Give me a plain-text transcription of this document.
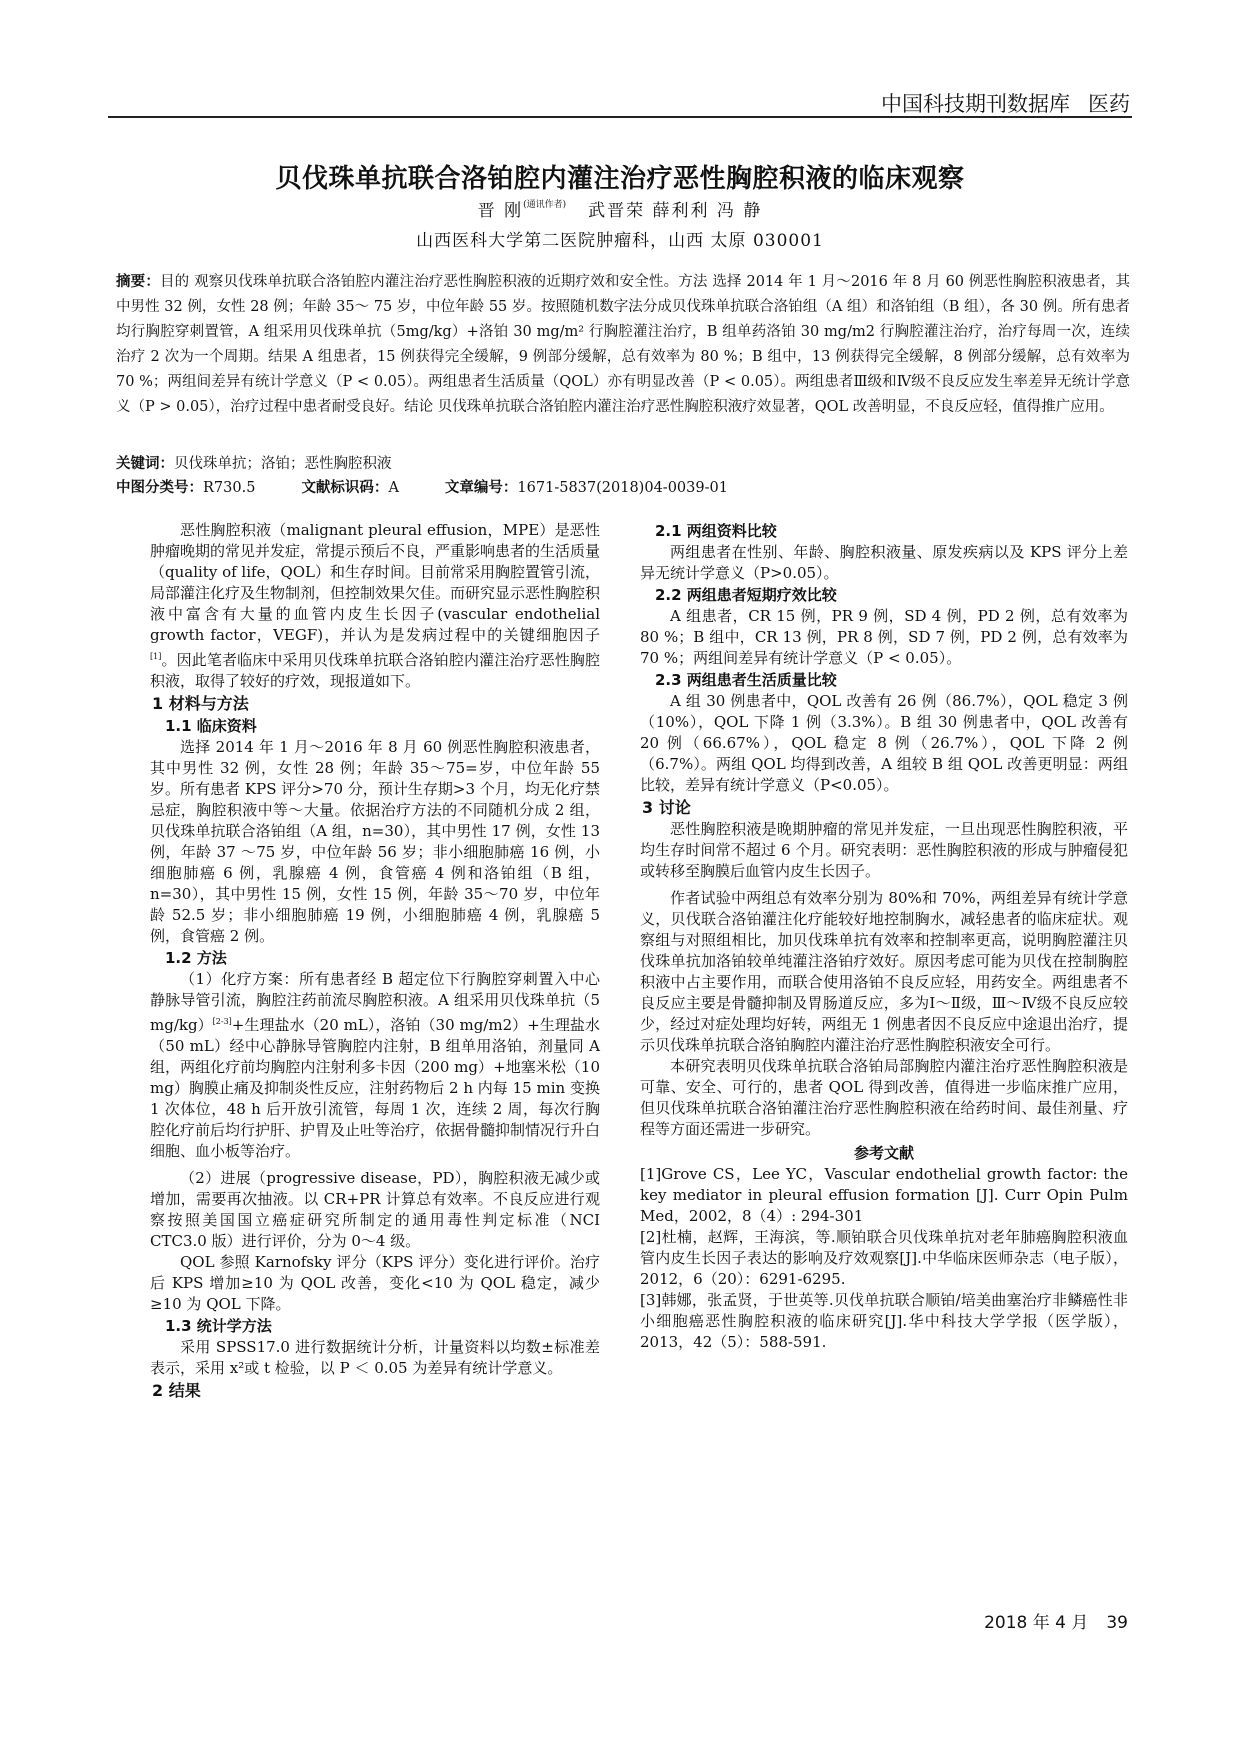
中国科技期刊数据库 医药
贝伐珠单抗联合洛铂腔内灌注治疗恶性胸腔积液的临床观察
晋 刚$^{(通讯作者)}$ 武晋荣 薛利利 冯 静
山西医科大学第二医院肿瘤科，山西 太原 030001
摘要：目的 观察贝伐珠单抗联合洛铂腔内灌注治疗恶性胸腔积液的近期疗效和安全性。方法 选择 2014 年 1 月～2016 年 8 月 60 例恶性胸腔积液患者，其中男性 32 例，女性 28 例；年龄 35～ 75 岁，中位年龄 55 岁。按照随机数字法分成贝伐珠单抗联合洛铂组（A 组）和洛铂组（B 组），各 30 例。所有患者均行胸腔穿刺置管，A 组采用贝伐珠单抗（5mg/kg）+洛铂 30 mg/m² 行胸腔灌注治疗，B 组单药洛铂 30 mg/m2 行胸腔灌注治疗，治疗每周一次，连续治疗 2 次为一个周期。结果 A 组患者，15 例获得完全缓解，9 例部分缓解，总有效率为 80 %；B 组中，13 例获得完全缓解，8 例部分缓解，总有效率为 70 %；两组间差异有统计学意义（P < 0.05）。两组患者生活质量（QOL）亦有明显改善（P < 0.05）。两组患者Ⅲ级和Ⅳ级不良反应发生率差异无统计学意义（P > 0.05），治疗过程中患者耐受良好。结论 贝伐珠单抗联合洛铂腔内灌注治疗恶性胸腔积液疗效显著，QOL 改善明显，不良反应轻，值得推广应用。
关键词：贝伐珠单抗；洛铂；恶性胸腔积液
中图分类号：R730.5	文献标识码：A	文章编号：1671-5837(2018)04-0039-01

恶性胸腔积液（malignant pleural effusion，MPE）是恶性肿瘤晚期的常见并发症，常提示预后不良，严重影响患者的生活质量（quality of life，QOL）和生存时间。目前常采用胸腔置管引流，局部灌注化疗及生物制剂，但控制效果欠佳。而研究显示恶性胸腔积液中富含有大量的血管内皮生长因子(vascular endothelial growth factor，VEGF)，并认为是发病过程中的关键细胞因子[1]。因此笔者临床中采用贝伐珠单抗联合洛铂腔内灌注治疗恶性胸腔积液，取得了较好的疗效，现报道如下。

1 材料与方法
1.1 临床资料

选择 2014 年 1 月～2016 年 8 月 60 例恶性胸腔积液患者，其中男性 32 例，女性 28 例；年龄 35～75=岁，中位年龄 55 岁。所有患者 KPS 评分>70 分，预计生存期>3 个月，均无化疗禁忌症，胸腔积液中等～大量。依据治疗方法的不同随机分成 2 组，贝伐珠单抗联合洛铂组（A 组，n=30），其中男性 17 例，女性 13 例，年龄 37 ～75 岁，中位年龄 56 岁；非小细胞肺癌 16 例，小细胞肺癌 6 例，乳腺癌 4 例，食管癌 4 例和洛铂组（B 组，n=30），其中男性 15 例，女性 15 例，年龄 35～70 岁，中位年龄 52.5 岁；非小细胞肺癌 19 例，小细胞肺癌 4 例，乳腺癌 5 例，食管癌 2 例。

1.2 方法

（1）化疗方案：所有患者经 B 超定位下行胸腔穿刺置入中心静脉导管引流，胸腔注药前流尽胸腔积液。A 组采用贝伐珠单抗（5 mg/kg）[2-3]+生理盐水（20 mL），洛铂（30 mg/m2）+生理盐水（50 mL）经中心静脉导管胸腔内注射，B 组单用洛铂，剂量同 A 组，两组化疗前均胸腔内注射利多卡因（200 mg）+地塞米松（10 mg）胸膜止痛及抑制炎性反应，注射药物后 2 h 内每 15 min 变换 1 次体位，48 h 后开放引流管，每周 1 次，连续 2 周，每次行胸腔化疗前后均行护肝、护胃及止吐等治疗，依据骨髓抑制情况行升白细胞、血小板等治疗。

（2）进展（progressive disease，PD），胸腔积液无减少或增加，需要再次抽液。以 CR+PR 计算总有效率。不良反应进行观察按照美国国立癌症研究所制定的通用毒性判定标准（NCI CTC3.0 版）进行评价，分为 0～4 级。

QOL 参照 Karnofsky 评分（KPS 评分）变化进行评价。治疗后 KPS 增加≥10 为 QOL 改善，变化<10 为 QOL 稳定，减少≥10 为 QOL 下降。

1.3 统计学方法

采用 SPSS17.0 进行数据统计分析，计量资料以均数±标准差表示，采用 x²或 t 检验，以 P ＜ 0.05 为差异有统计学意义。

2 结果
2.1 两组资料比较

两组患者在性别、年龄、胸腔积液量、原发疾病以及 KPS 评分上差异无统计学意义（P>0.05）。

2.2 两组患者短期疗效比较

A 组患者，CR 15 例，PR 9 例，SD 4 例，PD 2 例，总有效率为 80 %；B 组中，CR 13 例，PR 8 例，SD 7 例，PD 2 例，总有效率为 70 %；两组间差异有统计学意义（P < 0.05）。

2.3 两组患者生活质量比较

A 组 30 例患者中，QOL 改善有 26 例（86.7%），QOL 稳定 3 例（10%），QOL 下降 1 例（3.3%）。B 组 30 例患者中，QOL 改善有 20 例（66.67%），QOL 稳定 8 例（26.7%），QOL 下降 2 例（6.7%）。两组 QOL 均得到改善，A 组较 B 组 QOL 改善更明显：两组比较，差异有统计学意义（P<0.05）。

3 讨论

恶性胸腔积液是晚期肿瘤的常见并发症，一旦出现恶性胸腔积液，平均生存时间常不超过 6 个月。研究表明：恶性胸腔积液的形成与肿瘤侵犯或转移至胸膜后血管内皮生长因子。

作者试验中两组总有效率分别为 80%和 70%，两组差异有统计学意义，贝伐联合洛铂灌注化疗能较好地控制胸水，减轻患者的临床症状。观察组与对照组相比，加贝伐珠单抗有效率和控制率更高，说明胸腔灌注贝伐珠单抗加洛铂较单纯灌注洛铂疗效好。原因考虑可能为贝伐在控制胸腔积液中占主要作用，而联合使用洛铂不良反应轻，用药安全。两组患者不良反应主要是骨髓抑制及胃肠道反应，多为Ⅰ～Ⅱ级，Ⅲ～Ⅳ级不良反应较少，经过对症处理均好转，两组无 1 例患者因不良反应中途退出治疗，提示贝伐珠单抗联合洛铂胸腔内灌注治疗恶性胸腔积液安全可行。

本研究表明贝伐珠单抗联合洛铂局部胸腔内灌注治疗恶性胸腔积液是可靠、安全、可行的，患者 QOL 得到改善，值得进一步临床推广应用，但贝伐珠单抗联合洛铂灌注治疗恶性胸腔积液在给药时间、最佳剂量、疗程等方面还需进一步研究。

参考文献

[1]Grove CS，Lee YC，Vascular endothelial growth factor: the key mediator in pleural effusion formation [J]. Curr Opin Pulm Med，2002，8（4）: 294-301

[2]杜楠，赵辉，王海滨，等.顺铂联合贝伐珠单抗对老年肺癌胸腔积液血管内皮生长因子表达的影响及疗效观察[J].中华临床医师杂志（电子版），2012，6（20）：6291-6295.

[3]韩娜，张孟贤，于世英等.贝伐单抗联合顺铂/培美曲塞治疗非鳞癌性非小细胞癌恶性胸腔积液的临床研究[J].华中科技大学学报（医学版），2013，42（5）：588-591.

2018 年 4 月 39
